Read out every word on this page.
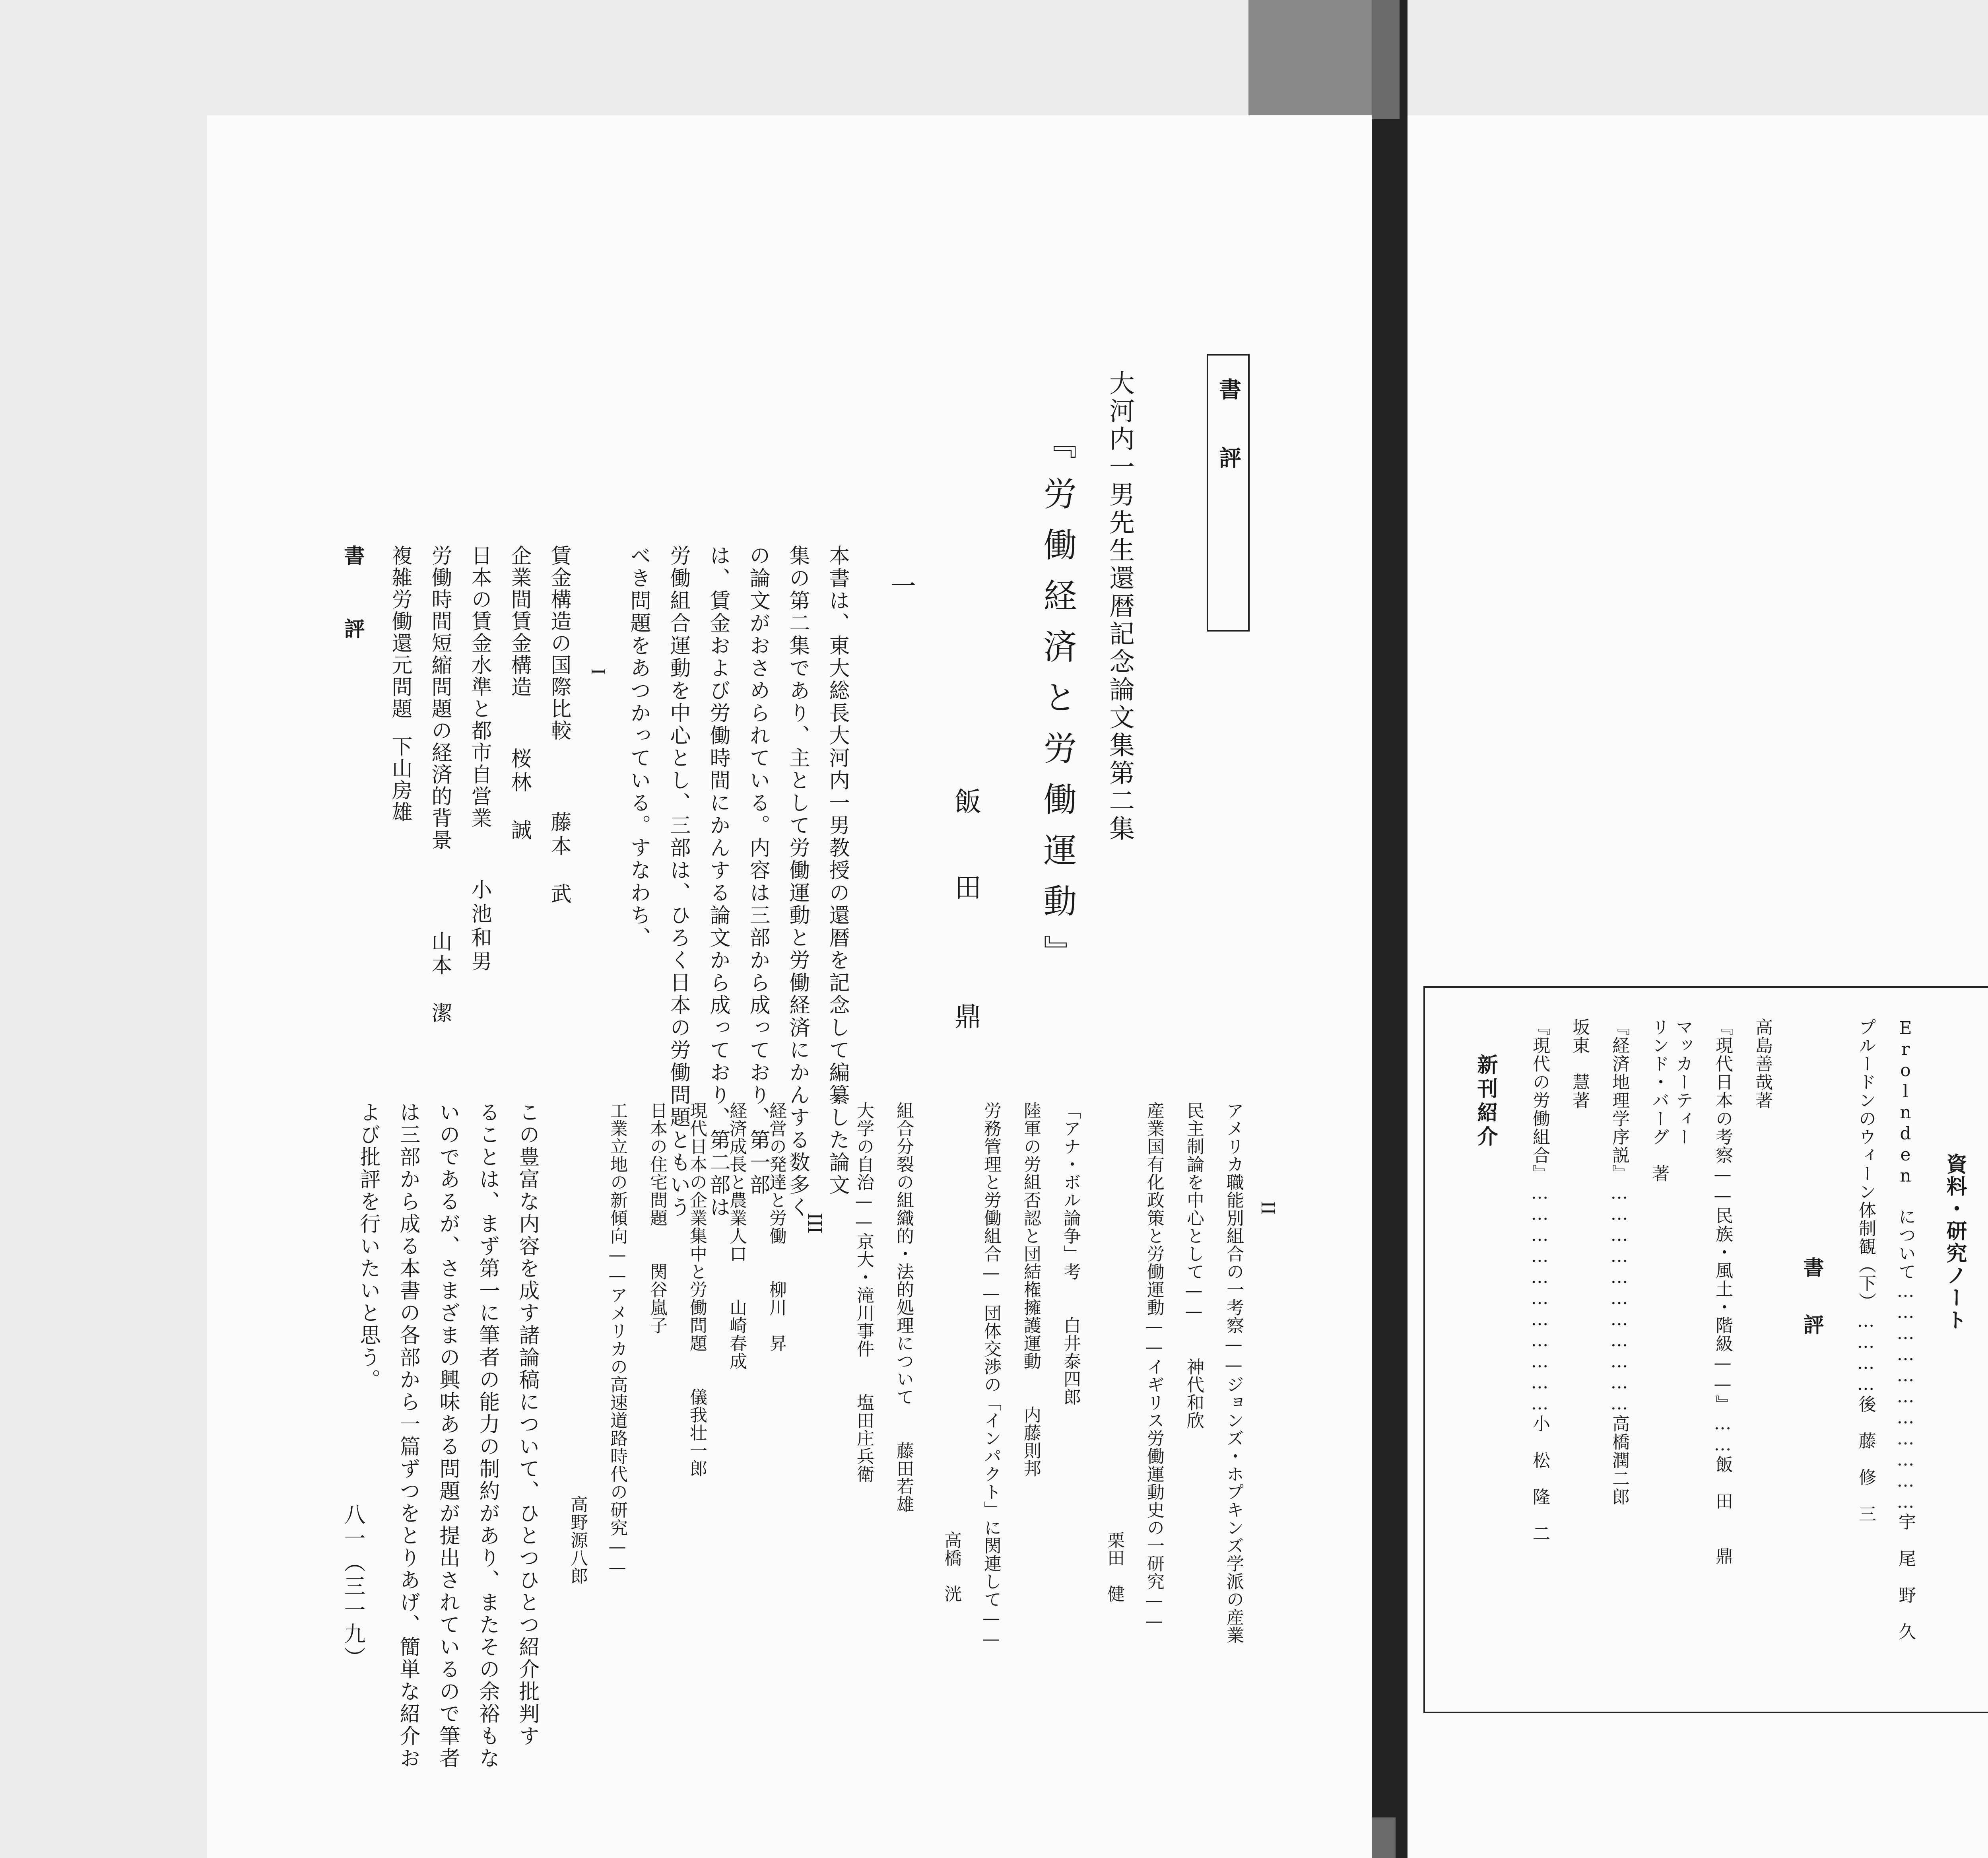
書　評
大河内一男先生還暦記念論文集第二集
『労働経済と労働運動』
飯　田　　鼎
一
本書は、東大総長大河内一男教授の還暦を記念して編纂した論文
集の第二集であり、主として労働運動と労働経済にかんする数多く
の論文がおさめられている。内容は三部から成っており、第一部
は、賃金および労働時間にかんする論文から成っており、第二部は
労働組合運動を中心とし、三部は、ひろく日本の労働問題ともいう
べき問題をあつかっている。すなわち、
I
賃金構造の国際比較
藤本　武
企業間賃金構造
桜林　誠
日本の賃金水準と都市自営業
小池和男
労働時間短縮問題の経済的背景
山本　潔
複雑労働還元問題
下山房雄
書　評
II
アメリカ職能別組合の一考察——ジョンズ・ホプキンズ学派の産業
民主制論を中心として——　　神代和欣
産業国有化政策と労働運動——イギリス労働運動史の一研究——
　　　　　　　　　　　　　　　　　　　　　　　　栗田　健
「アナ・ボル論争」考　　白井泰四郎
陸軍の労組否認と団結権擁護運動　　内藤則邦
労務管理と労働組合——団体交渉の「インパクト」に関連して——
　　　　　　　　　　　　　　　　　　　　　　　　高橋　洸
組合分裂の組織的・法的処理について　　藤田若雄
大学の自治——京大・滝川事件　　塩田庄兵衛
III
経営の発達と労働　　柳川　昇
経済成長と農業人口　　山崎春成
現代日本の企業集中と労働問題　　儀我壮一郎
日本の住宅問題　　関谷嵐子
工業立地の新傾向——アメリカの高速道路時代の研究——
　　　　　　　　　　　　　　　　　　　　　　高野源八郎
この豊富な内容を成す諸論稿について、ひとつひとつ紹介批判す
ることは、まず第一に筆者の能力の制約があり、またその余裕もな
いのであるが、さまざまの興味ある問題が提出されているので筆者
は三部から成る本書の各部から一篇ずつをとりあげ、簡単な紹介お
よび批評を行いたいと思う。
八一（三一九）
資料・研究ノート
Erolnden について……………………………宇　尾　野　久
プルードンのウィーン体制観（下）…………後　藤　修　三
書　評
高島善哉著
『現代日本の考察——民族・風土・階級——』……飯　田　　鼎
マッカーティー
リンド・バーグ　著
『経済地理学序説』……………………………高橋潤二郎
坂東　慧著
『現代の労働組合』……………………………小　松　隆　二
新刊紹介
